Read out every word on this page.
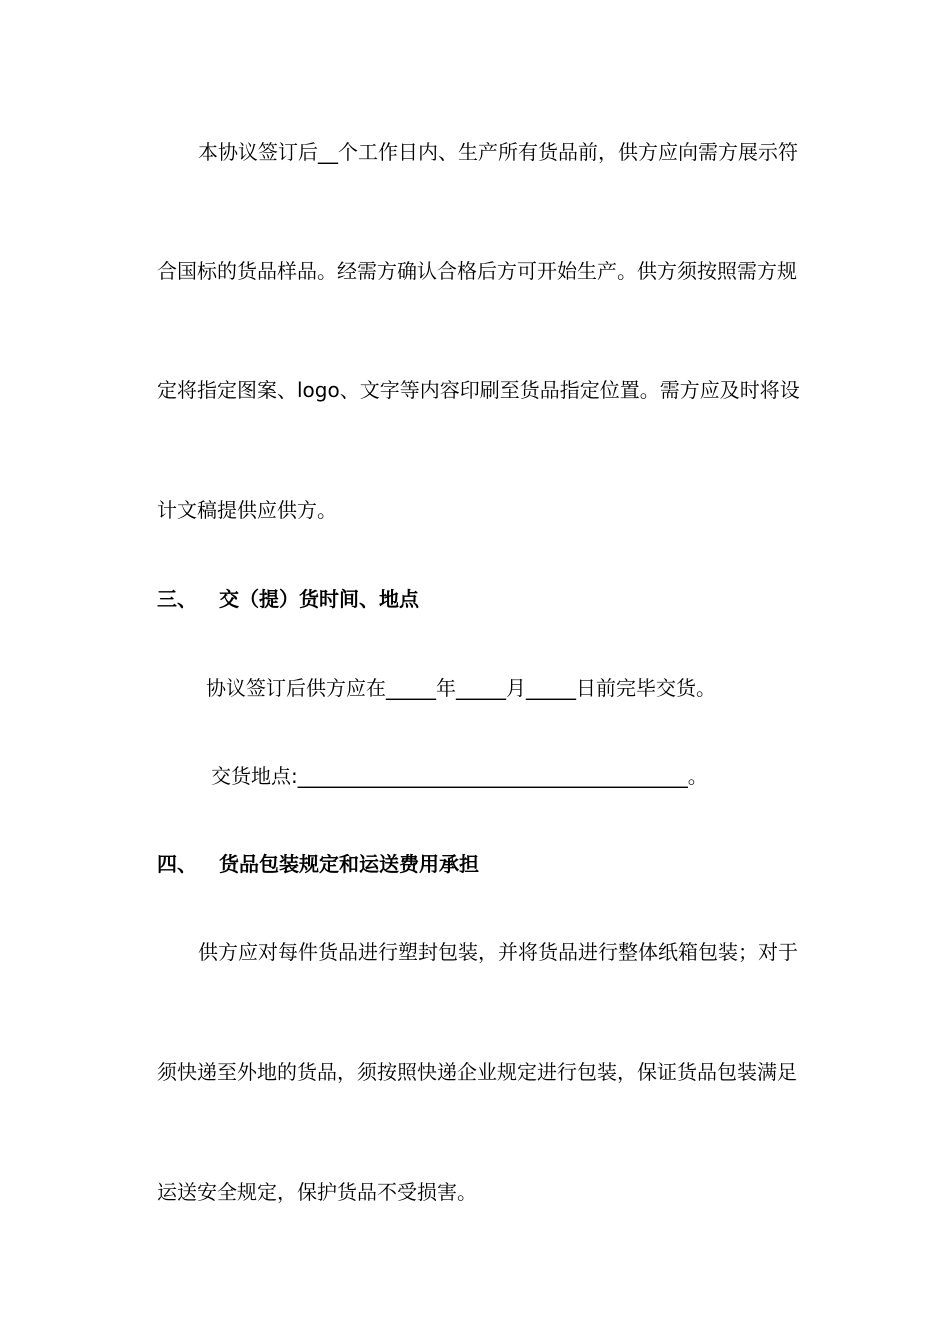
本协议签订后__个工作日内、生产所有货品前，供方应向需方展示符
合国标的货品样品。经需方确认合格后方可开始生产。供方须按照需方规
定将指定图案、logo、文字等内容印刷至货品指定位置。需方应及时将设
计文稿提供应供方。
三、 交（提）货时间、地点
协议签订后供方应在_____年_____月_____日前完毕交货。
交货地点:_______________________________________。
四、 货品包装规定和运送费用承担
供方应对每件货品进行塑封包装，并将货品进行整体纸箱包装；对于
须快递至外地的货品，须按照快递企业规定进行包装，保证货品包装满足
运送安全规定，保护货品不受损害。
